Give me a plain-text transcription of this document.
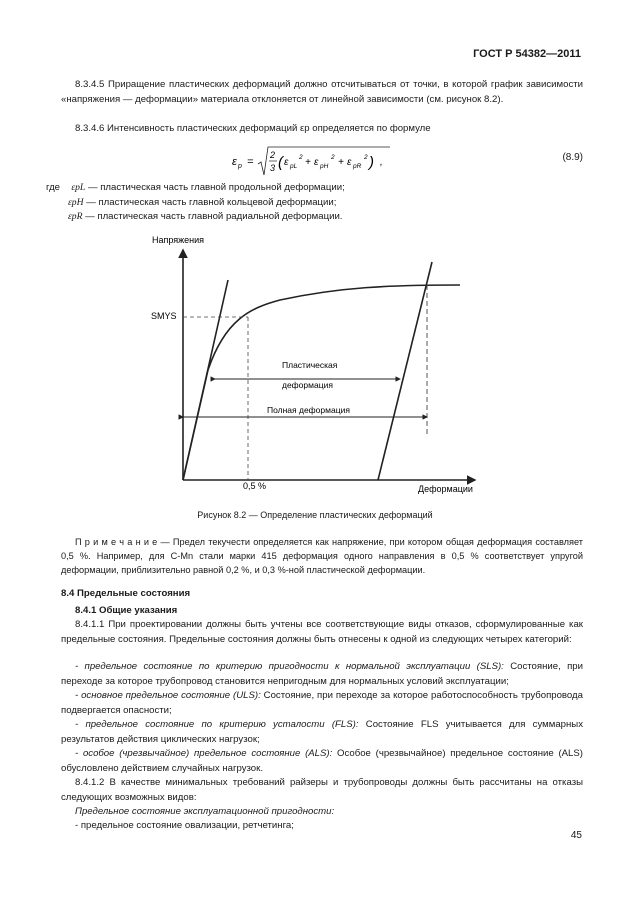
ГОСТ Р 54382—2011
8.3.4.5 Приращение пластических деформаций должно отсчитываться от точки, в которой график зависимости «напряжения — деформации» материала отклоняется от линейной зависимости (см. рисунок 8.2).
8.3.4.6 Интенсивность пластических деформаций εp определяется по формуле
ε p =
2
3 ( ε pL
2 + ε pH
2 + ε pR
2 ) ,	(8.9)
где εpL — пластическая часть главной продольной деформации;
εpH — пластическая часть главной кольцевой деформации;
εpR — пластическая часть главной радиальной деформации.
Напряжения
Деформации
SMYS
0,5 %
Пластическая
деформация
Полная деформация
Рисунок 8.2 — Определение пластических деформаций
П р и м е ч а н и е — Предел текучести определяется как напряжение, при котором общая деформация составляет 0,5 %. Например, для C-Mn стали марки 415 деформация одного направления в 0,5 % соответствует упругой деформации, приблизительно равной 0,2 %, и 0,3 %-ной пластической деформации.
8.4 Предельные состояния
8.4.1 Общие указания
8.4.1.1 При проектировании должны быть учтены все соответствующие виды отказов, сформулированные как предельные состояния. Предельные состояния должны быть отнесены к одной из следующих четырех категорий:
- предельное состояние по критерию пригодности к нормальной эксплуатации (SLS): Состояние, при переходе за которое трубопровод становится непригодным для нормальных условий эксплуатации;
- основное предельное состояние (ULS): Состояние, при переходе за которое работоспособность трубопровода подвергается опасности;
- предельное состояние по критерию усталости (FLS): Состояние FLS учитывается для суммарных результатов действия циклических нагрузок;
- особое (чрезвычайное) предельное состояние (ALS): Особое (чрезвычайное) предельное состояние (ALS) обусловлено действием случайных нагрузок.
8.4.1.2 В качестве минимальных требований райзеры и трубопроводы должны быть рассчитаны на отказы следующих возможных видов:
Предельное состояние эксплуатационной пригодности:
- предельное состояние овализации, ретчетинга;
45
